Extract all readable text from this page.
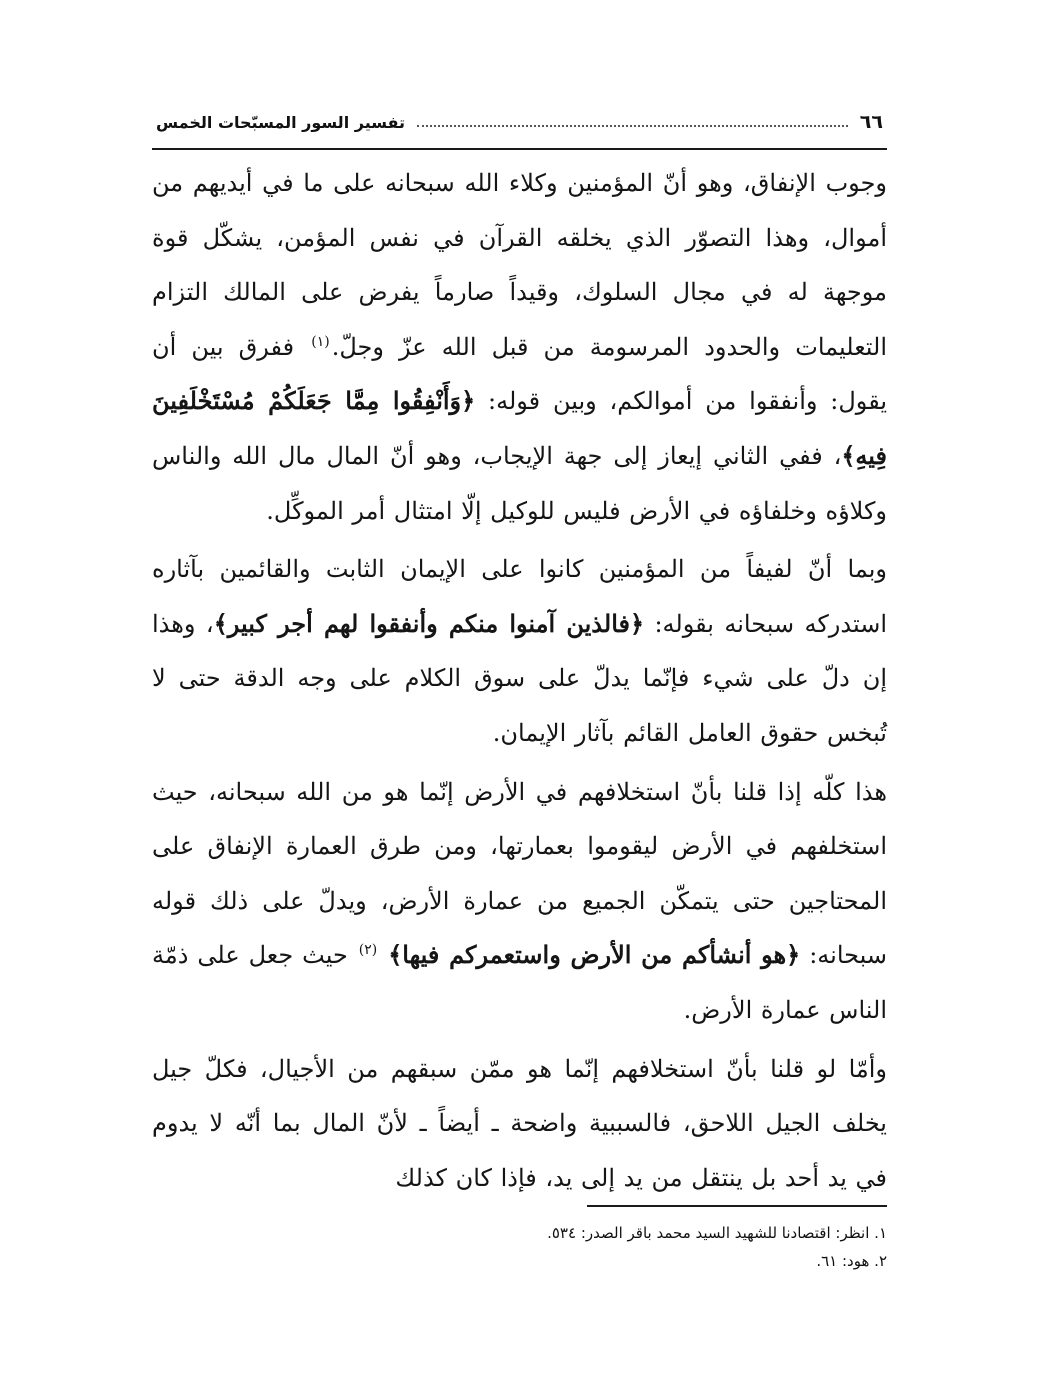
٦٦
تفسير السور المسبّحات الخمس

وجوب الإنفاق، وهو أنّ المؤمنين وكلاء الله سبحانه على ما في أيديهم من أموال، وهذا التصوّر الذي يخلقه القرآن في نفس المؤمن، يشكّل قوة موجهة له في مجال السلوك، وقيداً صارماً يفرض على المالك التزام التعليمات والحدود المرسومة من قبل الله عزّ وجلّ.$^{(١)}$ ففرق بين أن يقول: وأنفقوا من أموالكم، وبين قوله: ﴿وَأَنْفِقُوا مِمَّا جَعَلَكُمْ مُسْتَخْلَفِينَ فِيهِ﴾، ففي الثاني إيعاز إلى جهة الإيجاب، وهو أنّ المال مال الله والناس وكلاؤه وخلفاؤه في الأرض فليس للوكيل إلّا امتثال أمر الموكِّل.

وبما أنّ لفيفاً من المؤمنين كانوا على الإيمان الثابت والقائمين بآثاره استدركه سبحانه بقوله: ﴿فالذين آمنوا منكم وأنفقوا لهم أجر كبير﴾، وهذا إن دلّ على شيء فإنّما يدلّ على سوق الكلام على وجه الدقة حتى لا تُبخس حقوق العامل القائم بآثار الإيمان.

هذا كلّه إذا قلنا بأنّ استخلافهم في الأرض إنّما هو من الله سبحانه، حيث استخلفهم في الأرض ليقوموا بعمارتها، ومن طرق العمارة الإنفاق على المحتاجين حتى يتمكّن الجميع من عمارة الأرض، ويدلّ على ذلك قوله سبحانه: ﴿هو أنشأكم من الأرض واستعمركم فيها﴾ $^{(٢)}$ حيث جعل على ذمّة الناس عمارة الأرض.

وأمّا لو قلنا بأنّ استخلافهم إنّما هو ممّن سبقهم من الأجيال، فكلّ جيل يخلف الجيل اللاحق، فالسببية واضحة ـ أيضاً ـ لأنّ المال بما أنّه لا يدوم في يد أحد بل ينتقل من يد إلى يد، فإذا كان كذلك

١. انظر: اقتصادنا للشهيد السيد محمد باقر الصدر: ٥٣٤.
٢. هود: ٦١.
